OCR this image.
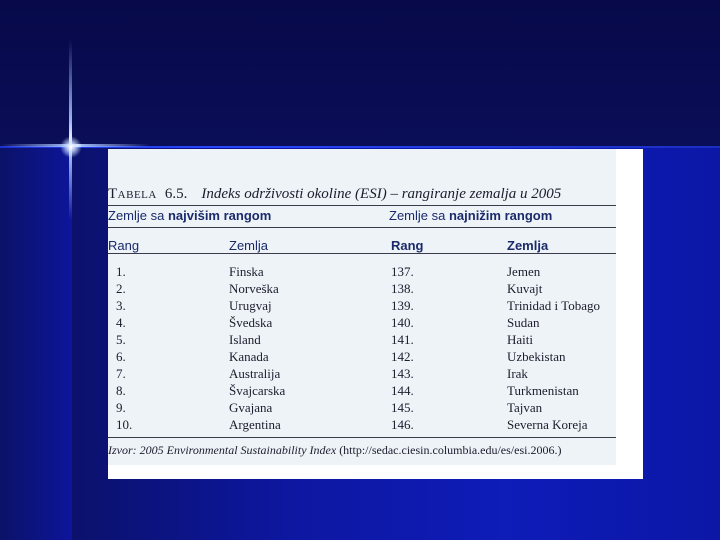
Tabela 6.5. Indeks održivosti okoline (ESI) – rangiranje zemalja u 2005
Zemlje sa najvišim rangom	Zemlje sa najnižim rangom
Rang	Zemlja	Rang	Zemlja
1.	Finska	137.	Jemen
2.	Norveška	138.	Kuvajt
3.	Urugvaj	139.	Trinidad i Tobago
4.	Švedska	140.	Sudan
5.	Island	141.	Haiti
6.	Kanada	142.	Uzbekistan
7.	Australija	143.	Irak
8.	Švajcarska	144.	Turkmenistan
9.	Gvajana	145.	Tajvan
10.	Argentina	146.	Severna Koreja
Izvor: 2005 Environmental Sustainability Index (http://sedac.ciesin.columbia.edu/es/esi.2006.)
